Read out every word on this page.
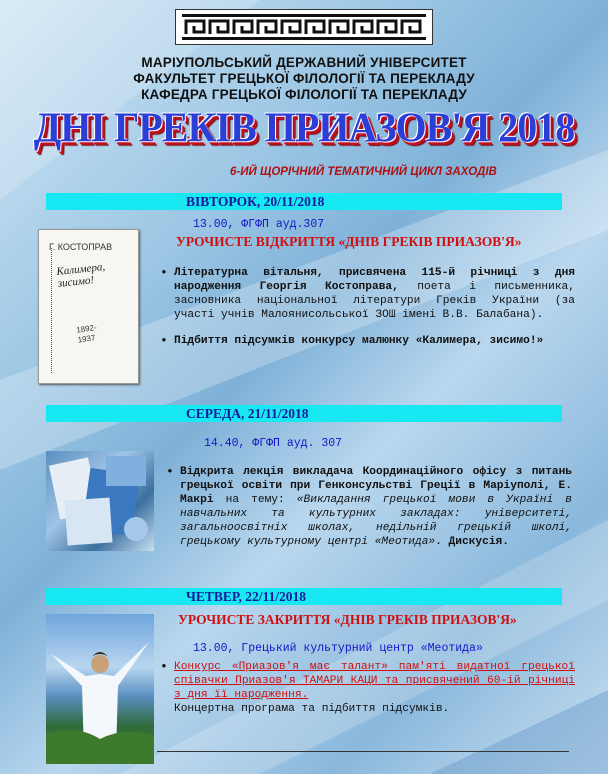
МАРІУПОЛЬСЬКИЙ ДЕРЖАВНИЙ УНІВЕРСИТЕТ
ФАКУЛЬТЕТ ГРЕЦЬКОЇ ФІЛОЛОГІЇ ТА ПЕРЕКЛАДУ
КАФЕДРА ГРЕЦЬКОЇ ФІЛОЛОГІЇ ТА ПЕРЕКЛАДУ
ДНІ ГРЕКІВ ПРИАЗОВ'Я 2018
6-ИЙ ЩОРІЧНИЙ ТЕМАТИЧНИЙ ЦИКЛ ЗАХОДІВ
ВІВТОРОК, 20/11/2018
13.00, ФГФП ауд.307
УРОЧИСТЕ ВІДКРИТТЯ «ДНІВ ГРЕКІВ ПРИАЗОВ'Я»
Г. КОСТОПРАВ
Калимера, зисимо!
1892-1937
• Літературна вітальня, присвячена 115-й річниці з дня народження Георгія Костоправа, поета і письменника, засновника національної літератури Греків України (за участі учнів Малоянисольської ЗОШ імені В.В. Балабана).
• Підбиття підсумків конкурсу малюнку «Калимера, зисимо!»
СЕРЕДА, 21/11/2018
14.40, ФГФП ауд. 307
• Відкрита лекція викладача Координаційного офісу з питань грецької освіти при Генконсульстві Греції в Маріуполі, Е. Макрі на тему: «Викладання грецької мови в Україні в навчальних та культурних закладах: університеті, загальноосвітніх школах, недільній грецькій школі, грецькому культурному центрі «Меотида». Дискусія.
ЧЕТВЕР, 22/11/2018
УРОЧИСТЕ ЗАКРИТТЯ «ДНІВ ГРЕКІВ ПРИАЗОВ'Я»
13.00, Грецький культурний центр «Меотида»
• Конкурс «Приазов'я має талант» пам'яті видатної грецької співачки Приазов'я ТАМАРИ КАЦИ та присвячений 60-ій річниці з дня її народження.
Концертна програма та підбиття підсумків.
